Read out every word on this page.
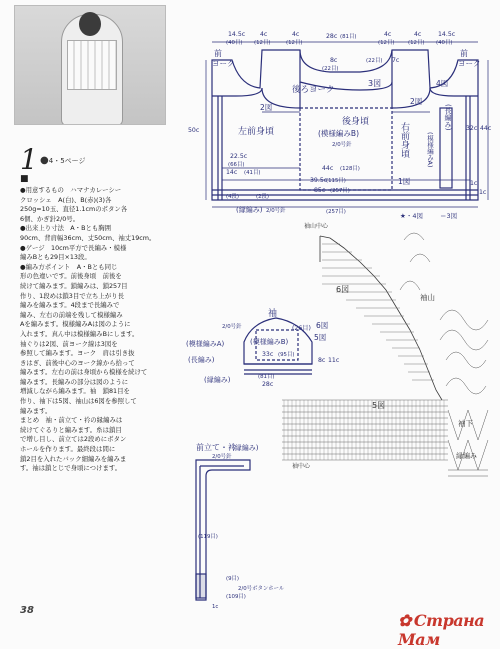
1 ●4・5ページ
■

●用意するもの　ハマナカレーシー

クロッシェ　A(白)、B(赤)(3)各

250g=10玉、直径1.1cmのボタン各

6個、かぎ針2/0号。

●出来上り寸法　A・Bとも胸囲

90cm、背肩幅36cm、丈50cm、袖丈19cm。

●ゲージ　10cm平方で長編み・模様

編みBとも29目×13段。

●編み方ポイント　A・Bとも同じ

形の色違いです。前後身頃　前後を

続けて編みます。鎖編みは、鎖257目

作り、1段めは鎖3目で立ち上がり長

編みを編みます。4段まで長編みで

編み、左右の前端を残して模様編み

Aを編みます。模様編みAは図のように

入れます。真ん中は模様編みBにします。

袖ぐりは2図、前ヨーク線は3図を

参照して編みます。ヨーク　肩は引き抜

きはぎ、前後中心のヨーク線から拾って

編みます。左右の前は身頃から模様を続けて

編みます。長編みの部分は図のように

増減しながら編みます。袖　鎖81目を

作り、袖下は5図、袖山は6図を参照して

編みます。

まとめ　袖・前立て・衿の縁編みは

続けてぐるりと編みます。糸は鎖目

で増し目し、前立ては2段めにボタン

ホールを作ります。最終段は間に

鎖2目を入れたバック細編みを編みま

す。袖は鎖とじで身頃につけます。

38
✿ Страна Мам
14.5c
(40目)
4c
(12目)
4c
(12目)
28c (81目)	4c
(12目)
4c
(12目)
14.5c
(40目)
前
ヨーク
前
ヨーク
8c
(22目)
(22目) 7c
後ろヨーク
3図
後身頃
(模様編みB)
2/0号針
左前身頃	右前身頃
2図
2図
4図
(長編み)
(模様編みA)
1図
50c	32c 44c
22.5c
(66目)	44c (128目)
14c (41目)
39.5c
(115目)
85c (257目)
(257目)
1c
1c
(4段)	(2段)
(縁編み) 2/0号針
★・4図	＝3図
袖
2/0号針	(26目) 6図
5図
(模様編みB)
(模様編みA)
(長編み)
33c (95目)
(81目)
28c
(縁編み)
8c 11c
前立て・衿
(縁編み)
2/0号針
(119目)
(9目)
2/0号ボタンホール
(109目)
1c
袖山中心
6図
袖山
5図
袖下
縁編み
袖中心
